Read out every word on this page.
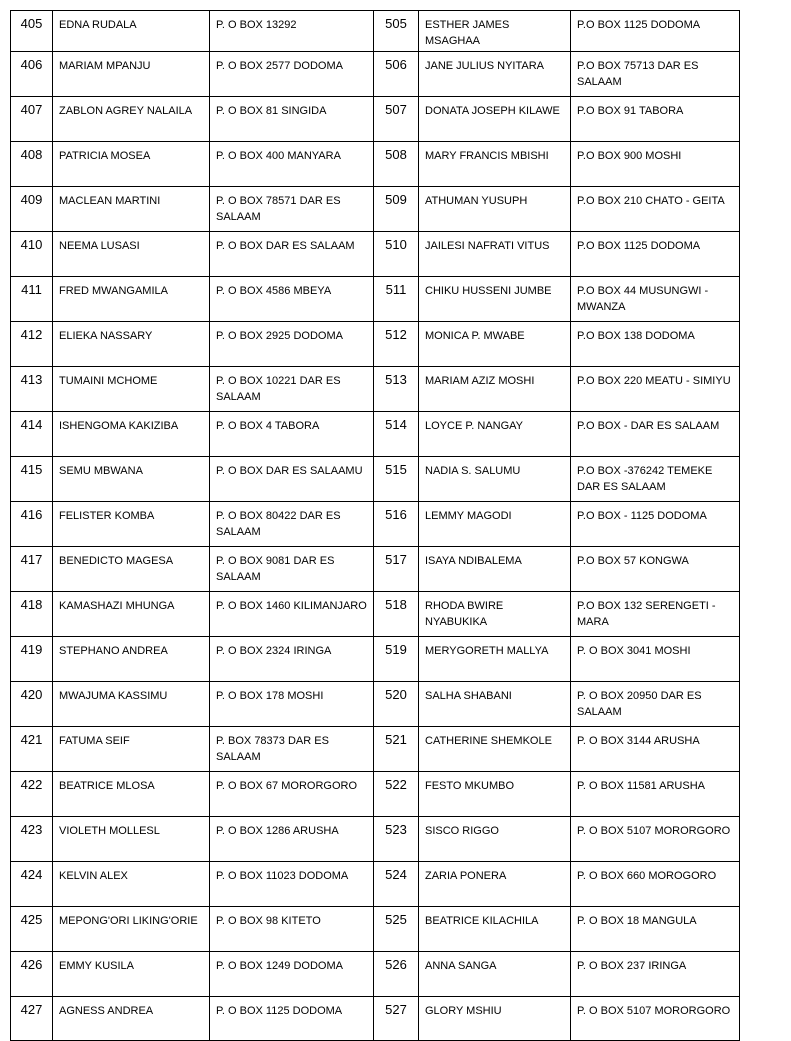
405	EDNA RUDALA	P. O BOX 13292	505	ESTHER JAMES MSAGHAA	P.O BOX 1125 DODOMA
406	MARIAM MPANJU	P. O BOX 2577 DODOMA	506	JANE JULIUS NYITARA	P.O BOX 75713 DAR ES SALAAM
407	ZABLON AGREY NALAILA	P. O BOX 81 SINGIDA	507	DONATA JOSEPH KILAWE	P.O BOX 91 TABORA
408	PATRICIA MOSEA	P. O BOX 400 MANYARA	508	MARY FRANCIS MBISHI	P.O BOX 900 MOSHI
409	MACLEAN MARTINI	P. O BOX 78571 DAR ES SALAAM	509	ATHUMAN YUSUPH	P.O BOX 210 CHATO - GEITA
410	NEEMA LUSASI	P. O BOX DAR ES SALAAM	510	JAILESI NAFRATI VITUS	P.O BOX 1125 DODOMA
411	FRED MWANGAMILA	P. O BOX 4586 MBEYA	511	CHIKU HUSSENI JUMBE	P.O BOX 44 MUSUNGWI - MWANZA
412	ELIEKA NASSARY	P. O BOX 2925 DODOMA	512	MONICA P. MWABE	P.O BOX 138 DODOMA
413	TUMAINI MCHOME	P. O BOX 10221 DAR ES SALAAM	513	MARIAM AZIZ MOSHI	P.O BOX 220 MEATU - SIMIYU
414	ISHENGOMA KAKIZIBA	P. O BOX 4 TABORA	514	LOYCE P. NANGAY	P.O BOX - DAR ES SALAAM
415	SEMU MBWANA	P. O BOX DAR ES SALAAMU	515	NADIA S. SALUMU	P.O BOX -376242 TEMEKE DAR ES SALAAM
416	FELISTER KOMBA	P. O BOX 80422 DAR ES SALAAM	516	LEMMY MAGODI	P.O BOX - 1125 DODOMA
417	BENEDICTO MAGESA	P. O BOX 9081 DAR ES SALAAM	517	ISAYA NDIBALEMA	P.O BOX 57 KONGWA
418	KAMASHAZI MHUNGA	P. O BOX 1460 KILIMANJARO	518	RHODA BWIRE NYABUKIKA	P.O BOX 132 SERENGETI - MARA
419	STEPHANO ANDREA	P. O BOX 2324 IRINGA	519	MERYGORETH MALLYA	P. O BOX 3041 MOSHI
420	MWAJUMA KASSIMU	P. O BOX 178 MOSHI	520	SALHA SHABANI	P. O BOX 20950 DAR ES SALAAM
421	FATUMA SEIF	P. BOX 78373 DAR ES SALAAM	521	CATHERINE SHEMKOLE	P. O BOX 3144 ARUSHA
422	BEATRICE MLOSA	P. O BOX 67 MORORGORO	522	FESTO MKUMBO	P. O BOX 11581 ARUSHA
423	VIOLETH MOLLESL	P. O BOX 1286 ARUSHA	523	SISCO RIGGO	P. O BOX 5107 MORORGORO
424	KELVIN ALEX	P. O BOX 11023 DODOMA	524	ZARIA PONERA	P. O BOX 660 MOROGORO
425	MEPONG'ORI LIKING'ORIE	P. O BOX 98 KITETO	525	BEATRICE KILACHILA	P. O BOX 18 MANGULA
426	EMMY KUSILA	P. O BOX 1249 DODOMA	526	ANNA SANGA	P. O BOX 237 IRINGA
427	AGNESS ANDREA	P. O BOX 1125 DODOMA	527	GLORY MSHIU	P. O BOX 5107 MORORGORO
